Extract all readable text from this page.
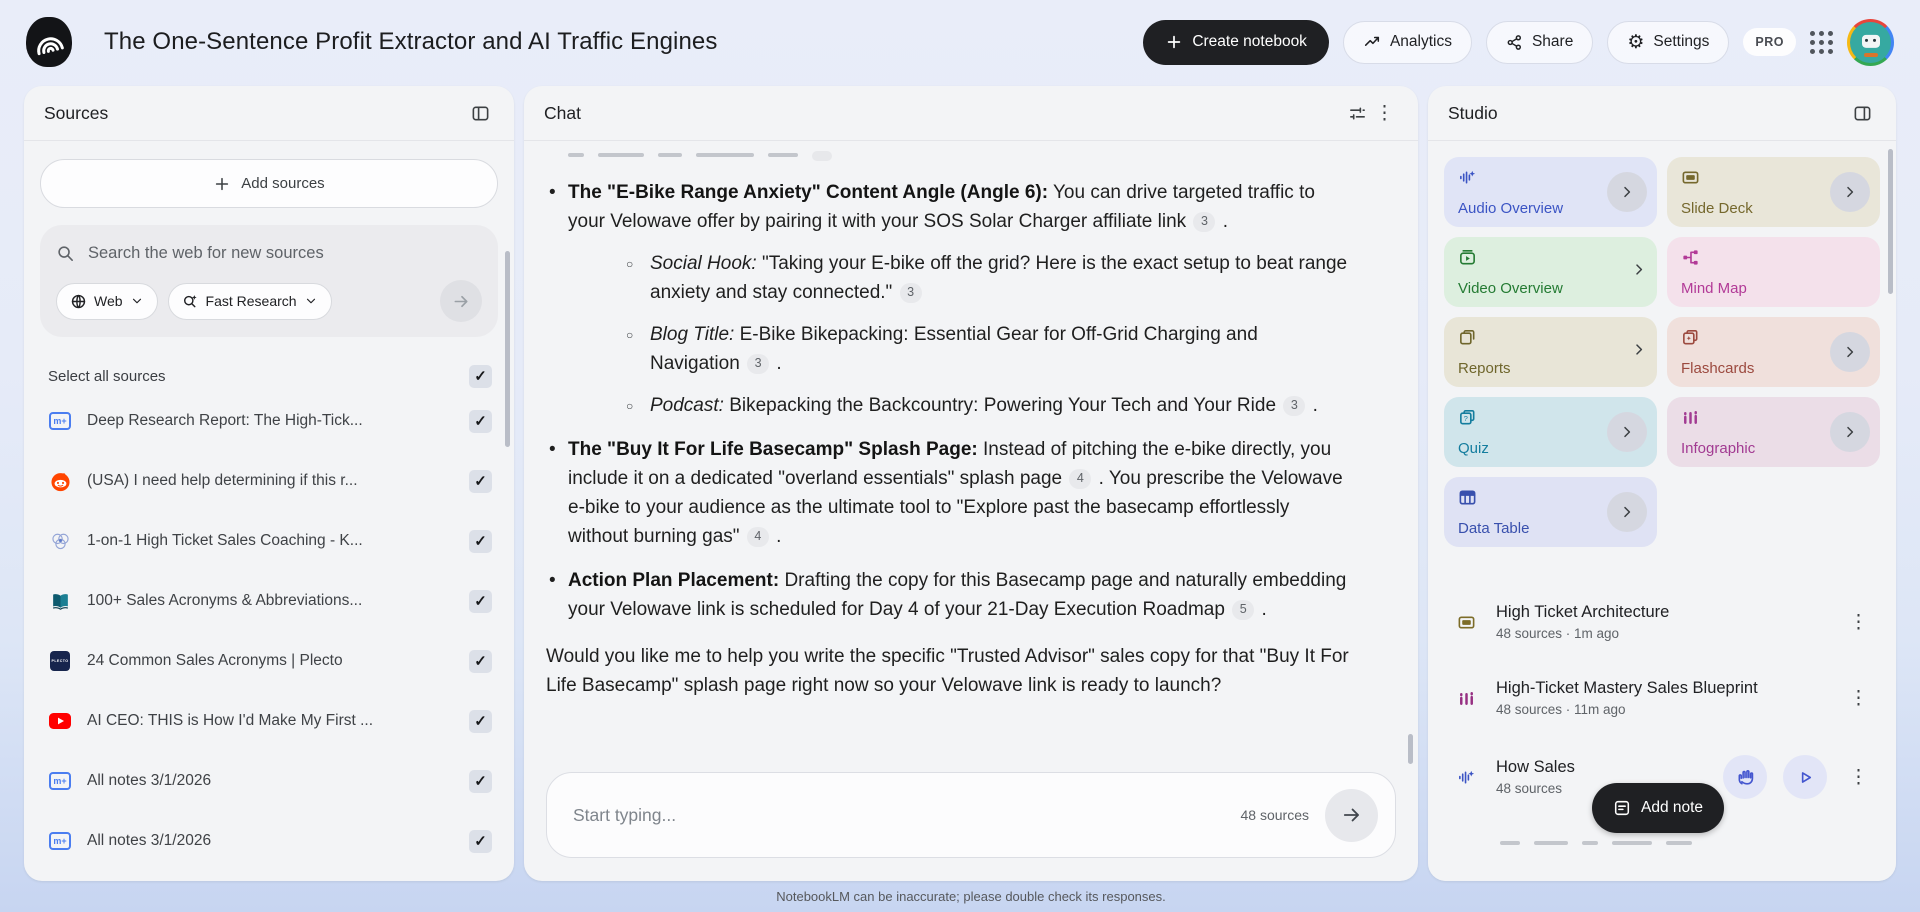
The One-Sentence Profit Extractor and AI Traffic Engines	Create notebook	Analytics	Share	⚙ Settings	PRO
Sources
Add sources
Search the web for new sources
Web	Fast Research
Select all sources	✓
m+ Deep Research Report: The High-Tick...	✓
(USA) I need help determining if this r...	✓
1-on-1 High Ticket Sales Coaching - K...	✓
100+ Sales Acronyms & Abbreviations...	✓
PLECTO 24 Common Sales Acronyms | Plecto	✓
AI CEO: THIS is How I'd Make My First ...	✓
m+ All notes 3/1/2026	✓
m+ All notes 3/1/2026	✓
Chat	⋮
• The "E-Bike Range Anxiety" Content Angle (Angle 6): You can drive targeted traffic to your Velowave offer by pairing it with your SOS Solar Charger affiliate link 3 .
○ Social Hook: "Taking your E-bike off the grid? Here is the exact setup to beat range anxiety and stay connected." 3
○ Blog Title: E-Bike Bikepacking: Essential Gear for Off-Grid Charging and Navigation 3 .
○ Podcast: Bikepacking the Backcountry: Powering Your Tech and Your Ride 3 .
• The "Buy It For Life Basecamp" Splash Page: Instead of pitching the e-bike directly, you include it on a dedicated "overland essentials" splash page 4 . You prescribe the Velowave e-bike to your audience as the ultimate tool to "Explore past the basecamp effortlessly without burning gas" 4 .
• Action Plan Placement: Drafting the copy for this Basecamp page and naturally embedding your Velowave link is scheduled for Day 4 of your 21-Day Execution Roadmap 5 .
Would you like me to help you write the specific "Trusted Advisor" sales copy for that "Buy It For Life Basecamp" splash page right now so your Velowave link is ready to launch?
Start typing...
48 sources
NotebookLM can be inaccurate; please double check its responses.
Studio
Audio Overview	Slide Deck
Video Overview	Mind Map
Reports	Flashcards
?
Quiz	Infographic
Data Table
High Ticket Architecture
48 sources · 1m ago
⋮
High-Ticket Mastery Sales Blueprint
48 sources · 11m ago
⋮
How Sales
48 sources
⋮
Add note
